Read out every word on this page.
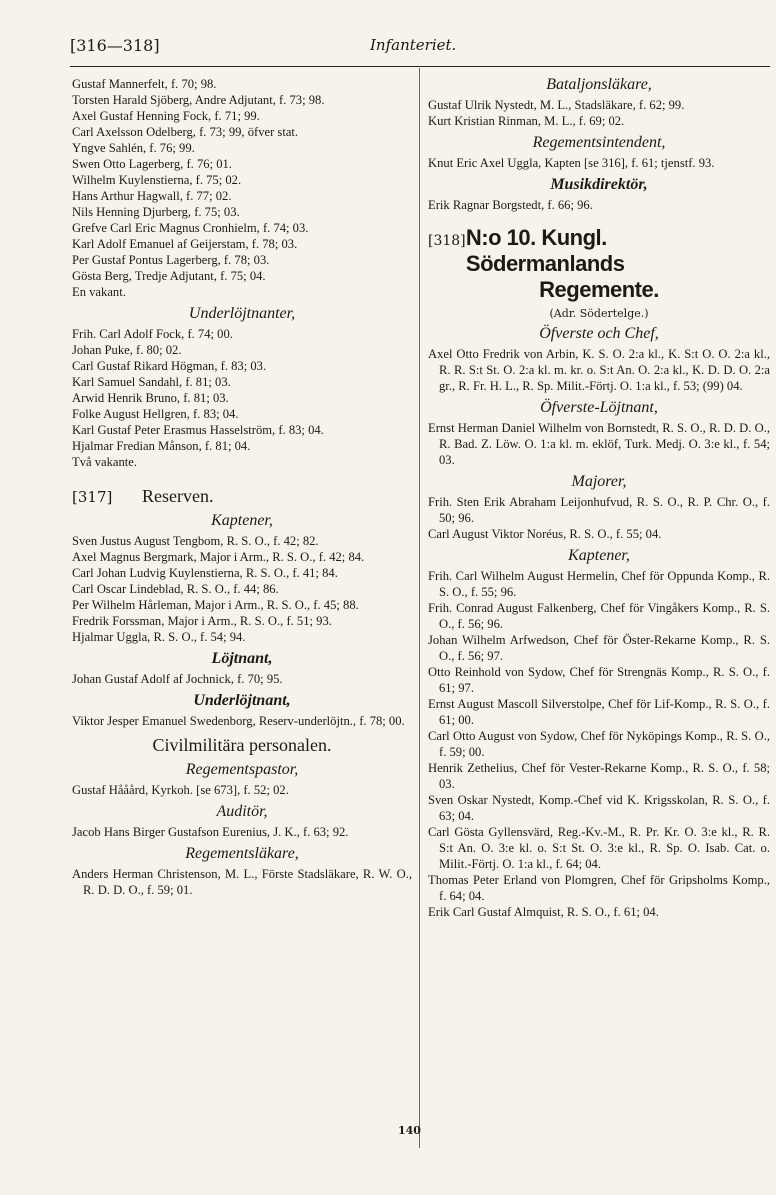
[316—318]	Infanteriet.
Gustaf Mannerfelt, f. 70; 98.
Torsten Harald Sjöberg, Andre Adjutant, f. 73; 98.
Axel Gustaf Henning Fock, f. 71; 99.
Carl Axelsson Odelberg, f. 73; 99, öfver stat.
Yngve Sahlén, f. 76; 99.
Swen Otto Lagerberg, f. 76; 01.
Wilhelm Kuylenstierna, f. 75; 02.
Hans Arthur Hagwall, f. 77; 02.
Nils Henning Djurberg, f. 75; 03.
Grefve Carl Eric Magnus Cronhielm, f. 74; 03.
Karl Adolf Emanuel af Geijerstam, f. 78; 03.
Per Gustaf Pontus Lagerberg, f. 78; 03.
Gösta Berg, Tredje Adjutant, f. 75; 04.
En vakant.
Underlöjtnanter,
Frih. Carl Adolf Fock, f. 74; 00.
Johan Puke, f. 80; 02.
Carl Gustaf Rikard Högman, f. 83; 03.
Karl Samuel Sandahl, f. 81; 03.
Arwid Henrik Bruno, f. 81; 03.
Folke August Hellgren, f. 83; 04.
Karl Gustaf Peter Erasmus Hasselström, f. 83; 04.
Hjalmar Fredian Månson, f. 81; 04.
Två vakante.
[317]	Reserven.
Kaptener,
Sven Justus August Tengbom, R. S. O., f. 42; 82.
Axel Magnus Bergmark, Major i Arm., R. S. O., f. 42; 84.
Carl Johan Ludvig Kuylenstierna, R. S. O., f. 41; 84.
Carl Oscar Lindeblad, R. S. O., f. 44; 86.
Per Wilhelm Hårleman, Major i Arm., R. S. O., f. 45; 88.
Fredrik Forssman, Major i Arm., R. S. O., f. 51; 93.
Hjalmar Uggla, R. S. O., f. 54; 94.
Löjtnant,
Johan Gustaf Adolf af Jochnick, f. 70; 95.
Underlöjtnant,
Viktor Jesper Emanuel Swedenborg, Reserv-underlöjtn., f. 78; 00.
Civilmilitära personalen.
Regementspastor,
Gustaf Hååård, Kyrkoh. [se 673], f. 52; 02.
Auditör,
Jacob Hans Birger Gustafson Eurenius, J. K., f. 63; 92.
Regementsläkare,
Anders Herman Christenson, M. L., Förste Stadsläkare, R. W. O., R. D. D. O., f. 59; 01.
Bataljonsläkare,
Gustaf Ulrik Nystedt, M. L., Stadsläkare, f. 62; 99.
Kurt Kristian Rinman, M. L., f. 69; 02.
Regementsintendent,
Knut Eric Axel Uggla, Kapten [se 316], f. 61; tjenstf. 93.
Musikdirektör,
Erik Ragnar Borgstedt, f. 66; 96.
[318] N:o 10. Kungl. Södermanlands
Regemente.
(Adr. Södertelge.)
Öfverste och Chef,
Axel Otto Fredrik von Arbin, K. S. O. 2:a kl., K. S:t O. O. 2:a kl., R. R. S:t St. O. 2:a kl. m. kr. o. S:t An. O. 2:a kl., K. D. D. O. 2:a gr., R. Fr. H. L., R. Sp. Milit.-Förtj. O. 1:a kl., f. 53; (99) 04.
Öfverste-Löjtnant,
Ernst Herman Daniel Wilhelm von Bornstedt, R. S. O., R. D. D. O., R. Bad. Z. Löw. O. 1:a kl. m. eklöf, Turk. Medj. O. 3:e kl., f. 54; 03.
Majorer,
Frih. Sten Erik Abraham Leijonhufvud, R. S. O., R. P. Chr. O., f. 50; 96.
Carl August Viktor Noréus, R. S. O., f. 55; 04.
Kaptener,
Frih. Carl Wilhelm August Hermelin, Chef för Oppunda Komp., R. S. O., f. 55; 96.
Frih. Conrad August Falkenberg, Chef för Vingåkers Komp., R. S. O., f. 56; 96.
Johan Wilhelm Arfwedson, Chef för Öster-Rekarne Komp., R. S. O., f. 56; 97.
Otto Reinhold von Sydow, Chef för Strengnäs Komp., R. S. O., f. 61; 97.
Ernst August Mascoll Silverstolpe, Chef för Lif-Komp., R. S. O., f. 61; 00.
Carl Otto August von Sydow, Chef för Nyköpings Komp., R. S. O., f. 59; 00.
Henrik Zethelius, Chef för Vester-Rekarne Komp., R. S. O., f. 58; 03.
Sven Oskar Nystedt, Komp.-Chef vid K. Krigsskolan, R. S. O., f. 63; 04.
Carl Gösta Gyllensvärd, Reg.-Kv.-M., R. Pr. Kr. O. 3:e kl., R. R. S:t An. O. 3:e kl. o. S:t St. O. 3:e kl., R. Sp. O. Isab. Cat. o. Milit.-Förtj. O. 1:a kl., f. 64; 04.
Thomas Peter Erland von Plomgren, Chef för Gripsholms Komp., f. 64; 04.
Erik Carl Gustaf Almquist, R. S. O., f. 61; 04.
140
